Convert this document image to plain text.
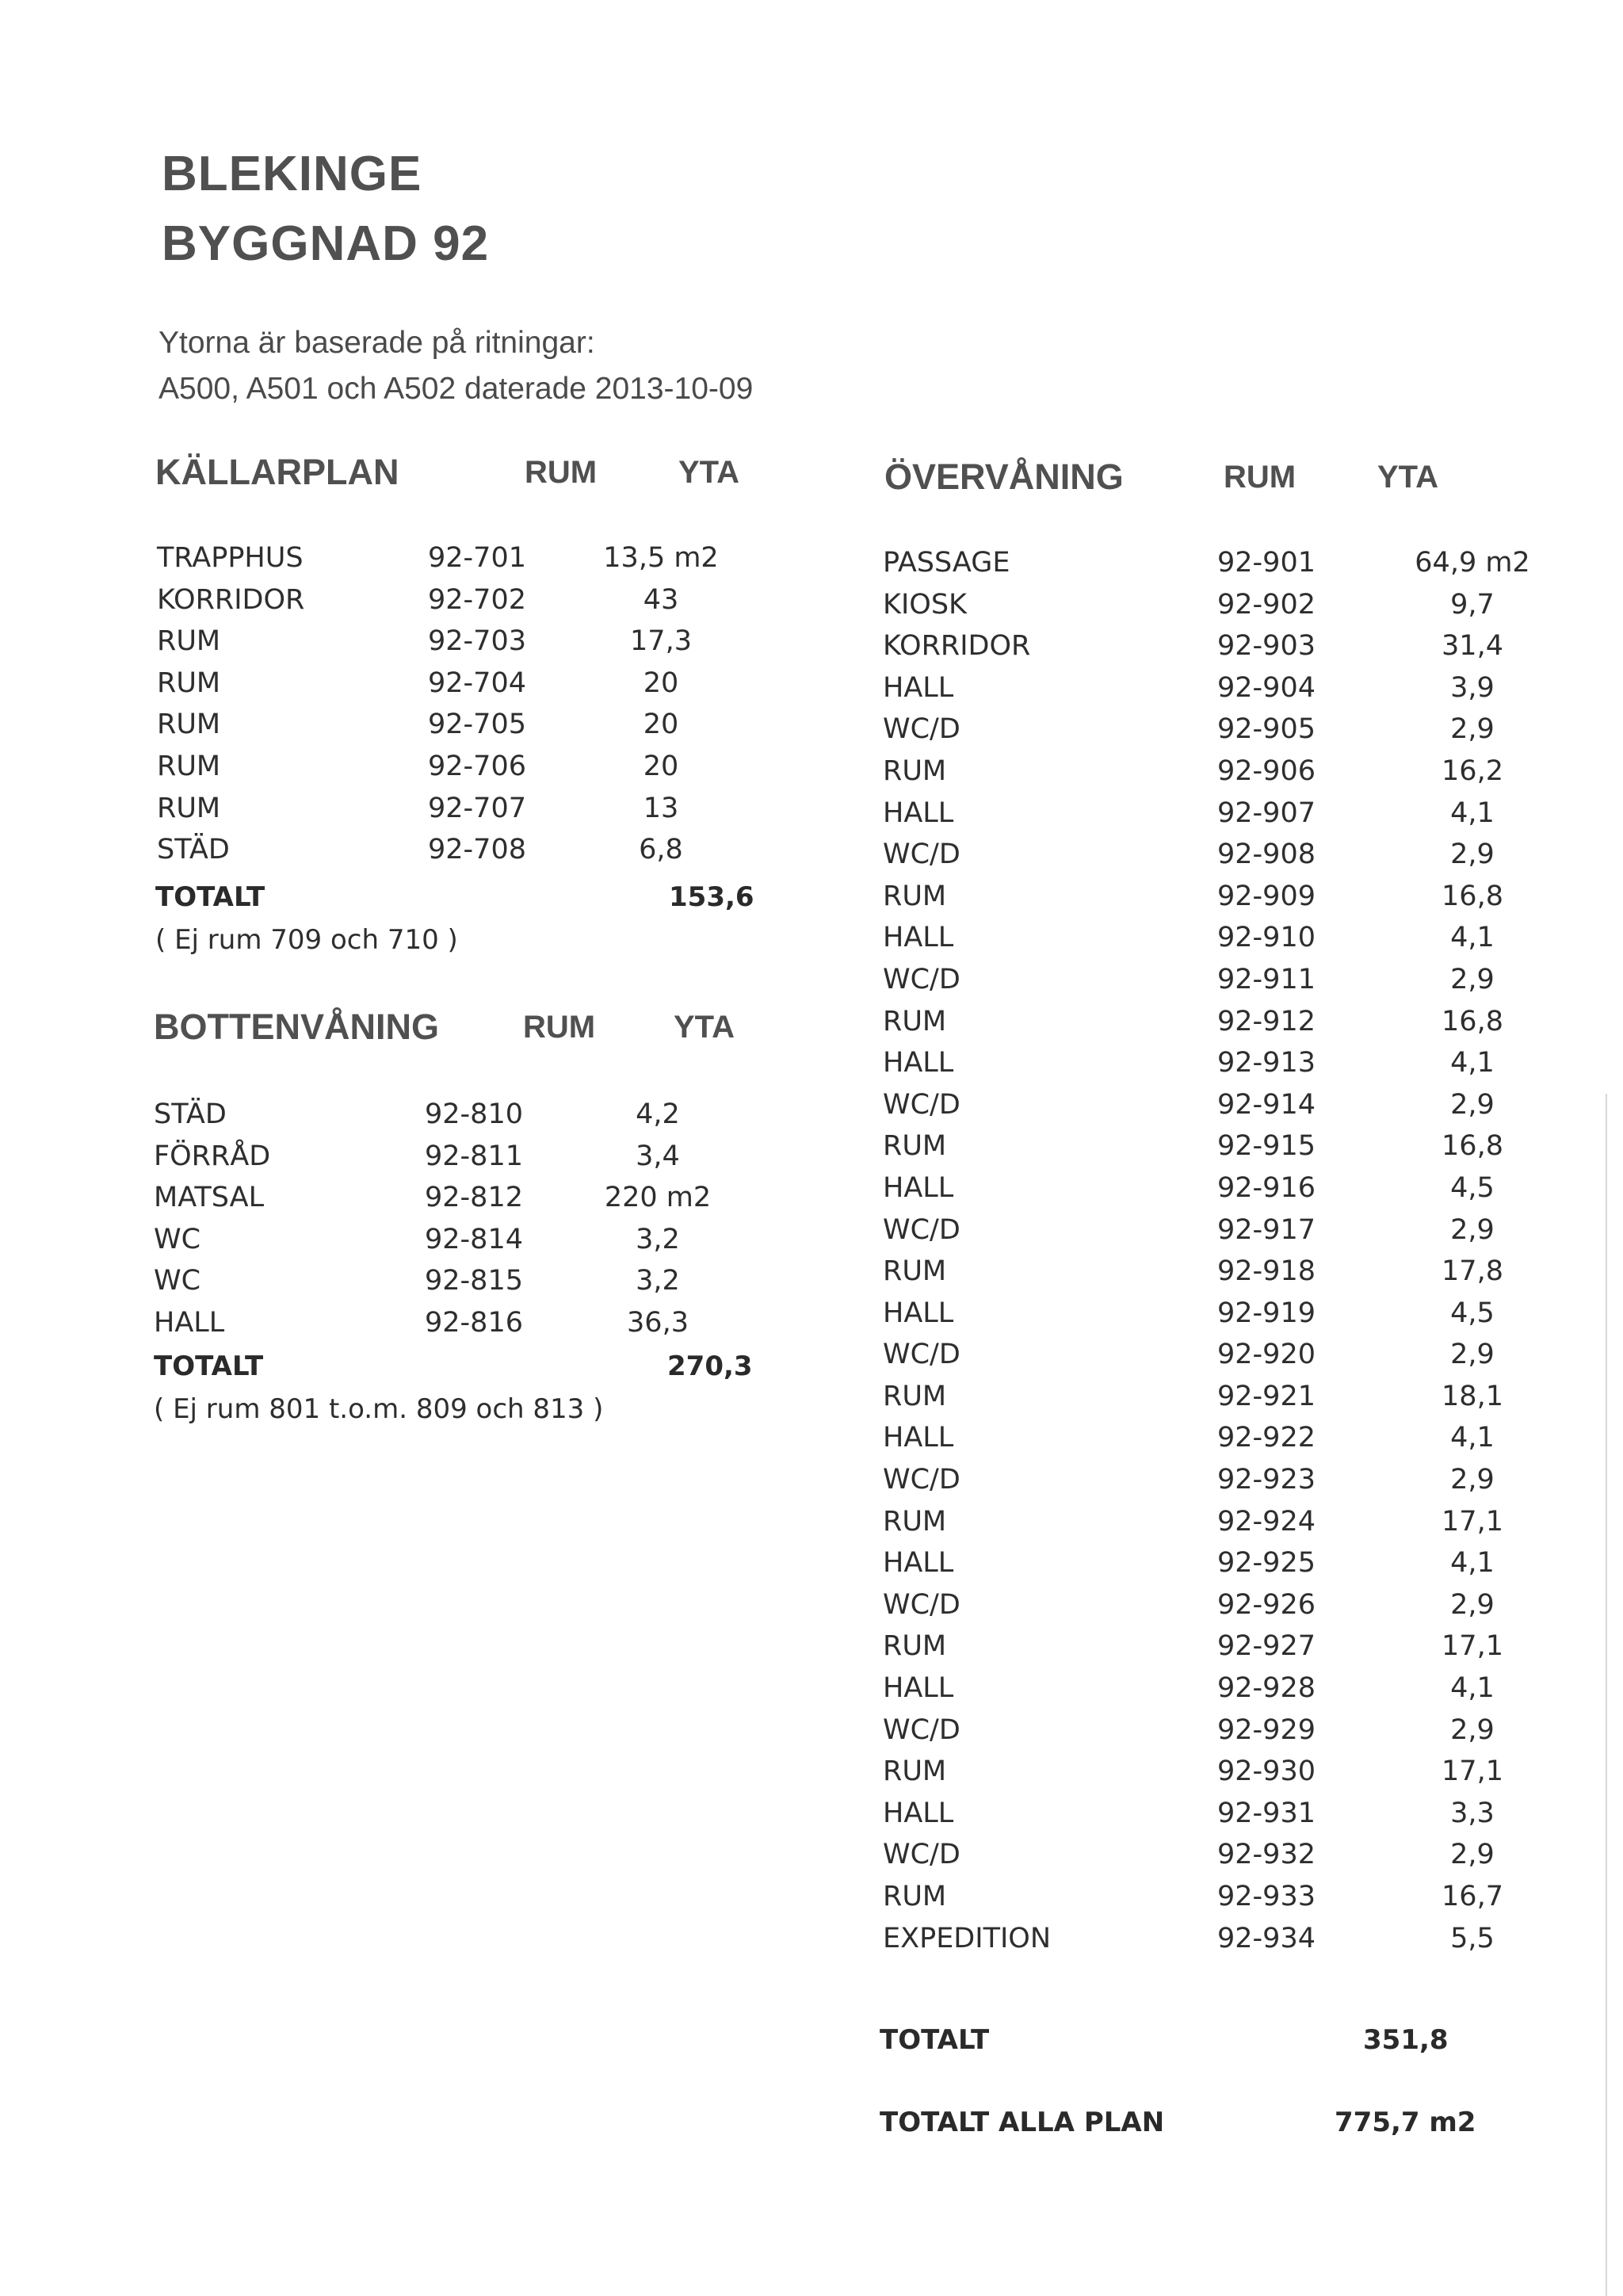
BLEKINGE
BYGGNAD 92
Ytorna är baserade på ritningar:
A500, A501 och A502 daterade 2013-10-09
KÄLLARPLAN	RUM	YTA
TRAPPHUS	92-701	13,5 m2
KORRIDOR	92-702	43
RUM	92-703	17,3
RUM	92-704	20
RUM	92-705	20
RUM	92-706	20
RUM	92-707	13
STÄD	92-708	6,8
TOTALT	153,6
( Ej rum 709 och 710 )
BOTTENVÅNING	RUM YTA
STÄD	92-810	4,2
FÖRRÅD	92-811	3,4
MATSAL	92-812	220 m2
WC	92-814	3,2
WC	92-815	3,2
HALL	92-816	36,3
TOTALT	270,3
( Ej rum 801 t.o.m. 809 och 813 )
ÖVERVÅNING	RUM	YTA
PASSAGE	92-901	64,9 m2
KIOSK	92-902	9,7
KORRIDOR	92-903	31,4
HALL	92-904	3,9
WC/D	92-905	2,9
RUM	92-906	16,2
HALL	92-907	4,1
WC/D	92-908	2,9
RUM	92-909	16,8
HALL	92-910	4,1
WC/D	92-911	2,9
RUM	92-912	16,8
HALL	92-913	4,1
WC/D	92-914	2,9
RUM	92-915	16,8
HALL	92-916	4,5
WC/D	92-917	2,9
RUM	92-918	17,8
HALL	92-919	4,5
WC/D	92-920	2,9
RUM	92-921	18,1
HALL	92-922	4,1
WC/D	92-923	2,9
RUM	92-924	17,1
HALL	92-925	4,1
WC/D	92-926	2,9
RUM	92-927	17,1
HALL	92-928	4,1
WC/D	92-929	2,9
RUM	92-930	17,1
HALL	92-931	3,3
WC/D	92-932	2,9
RUM	92-933	16,7
EXPEDITION	92-934	5,5
TOTALT	351,8
TOTALT ALLA PLAN	775,7 m2
